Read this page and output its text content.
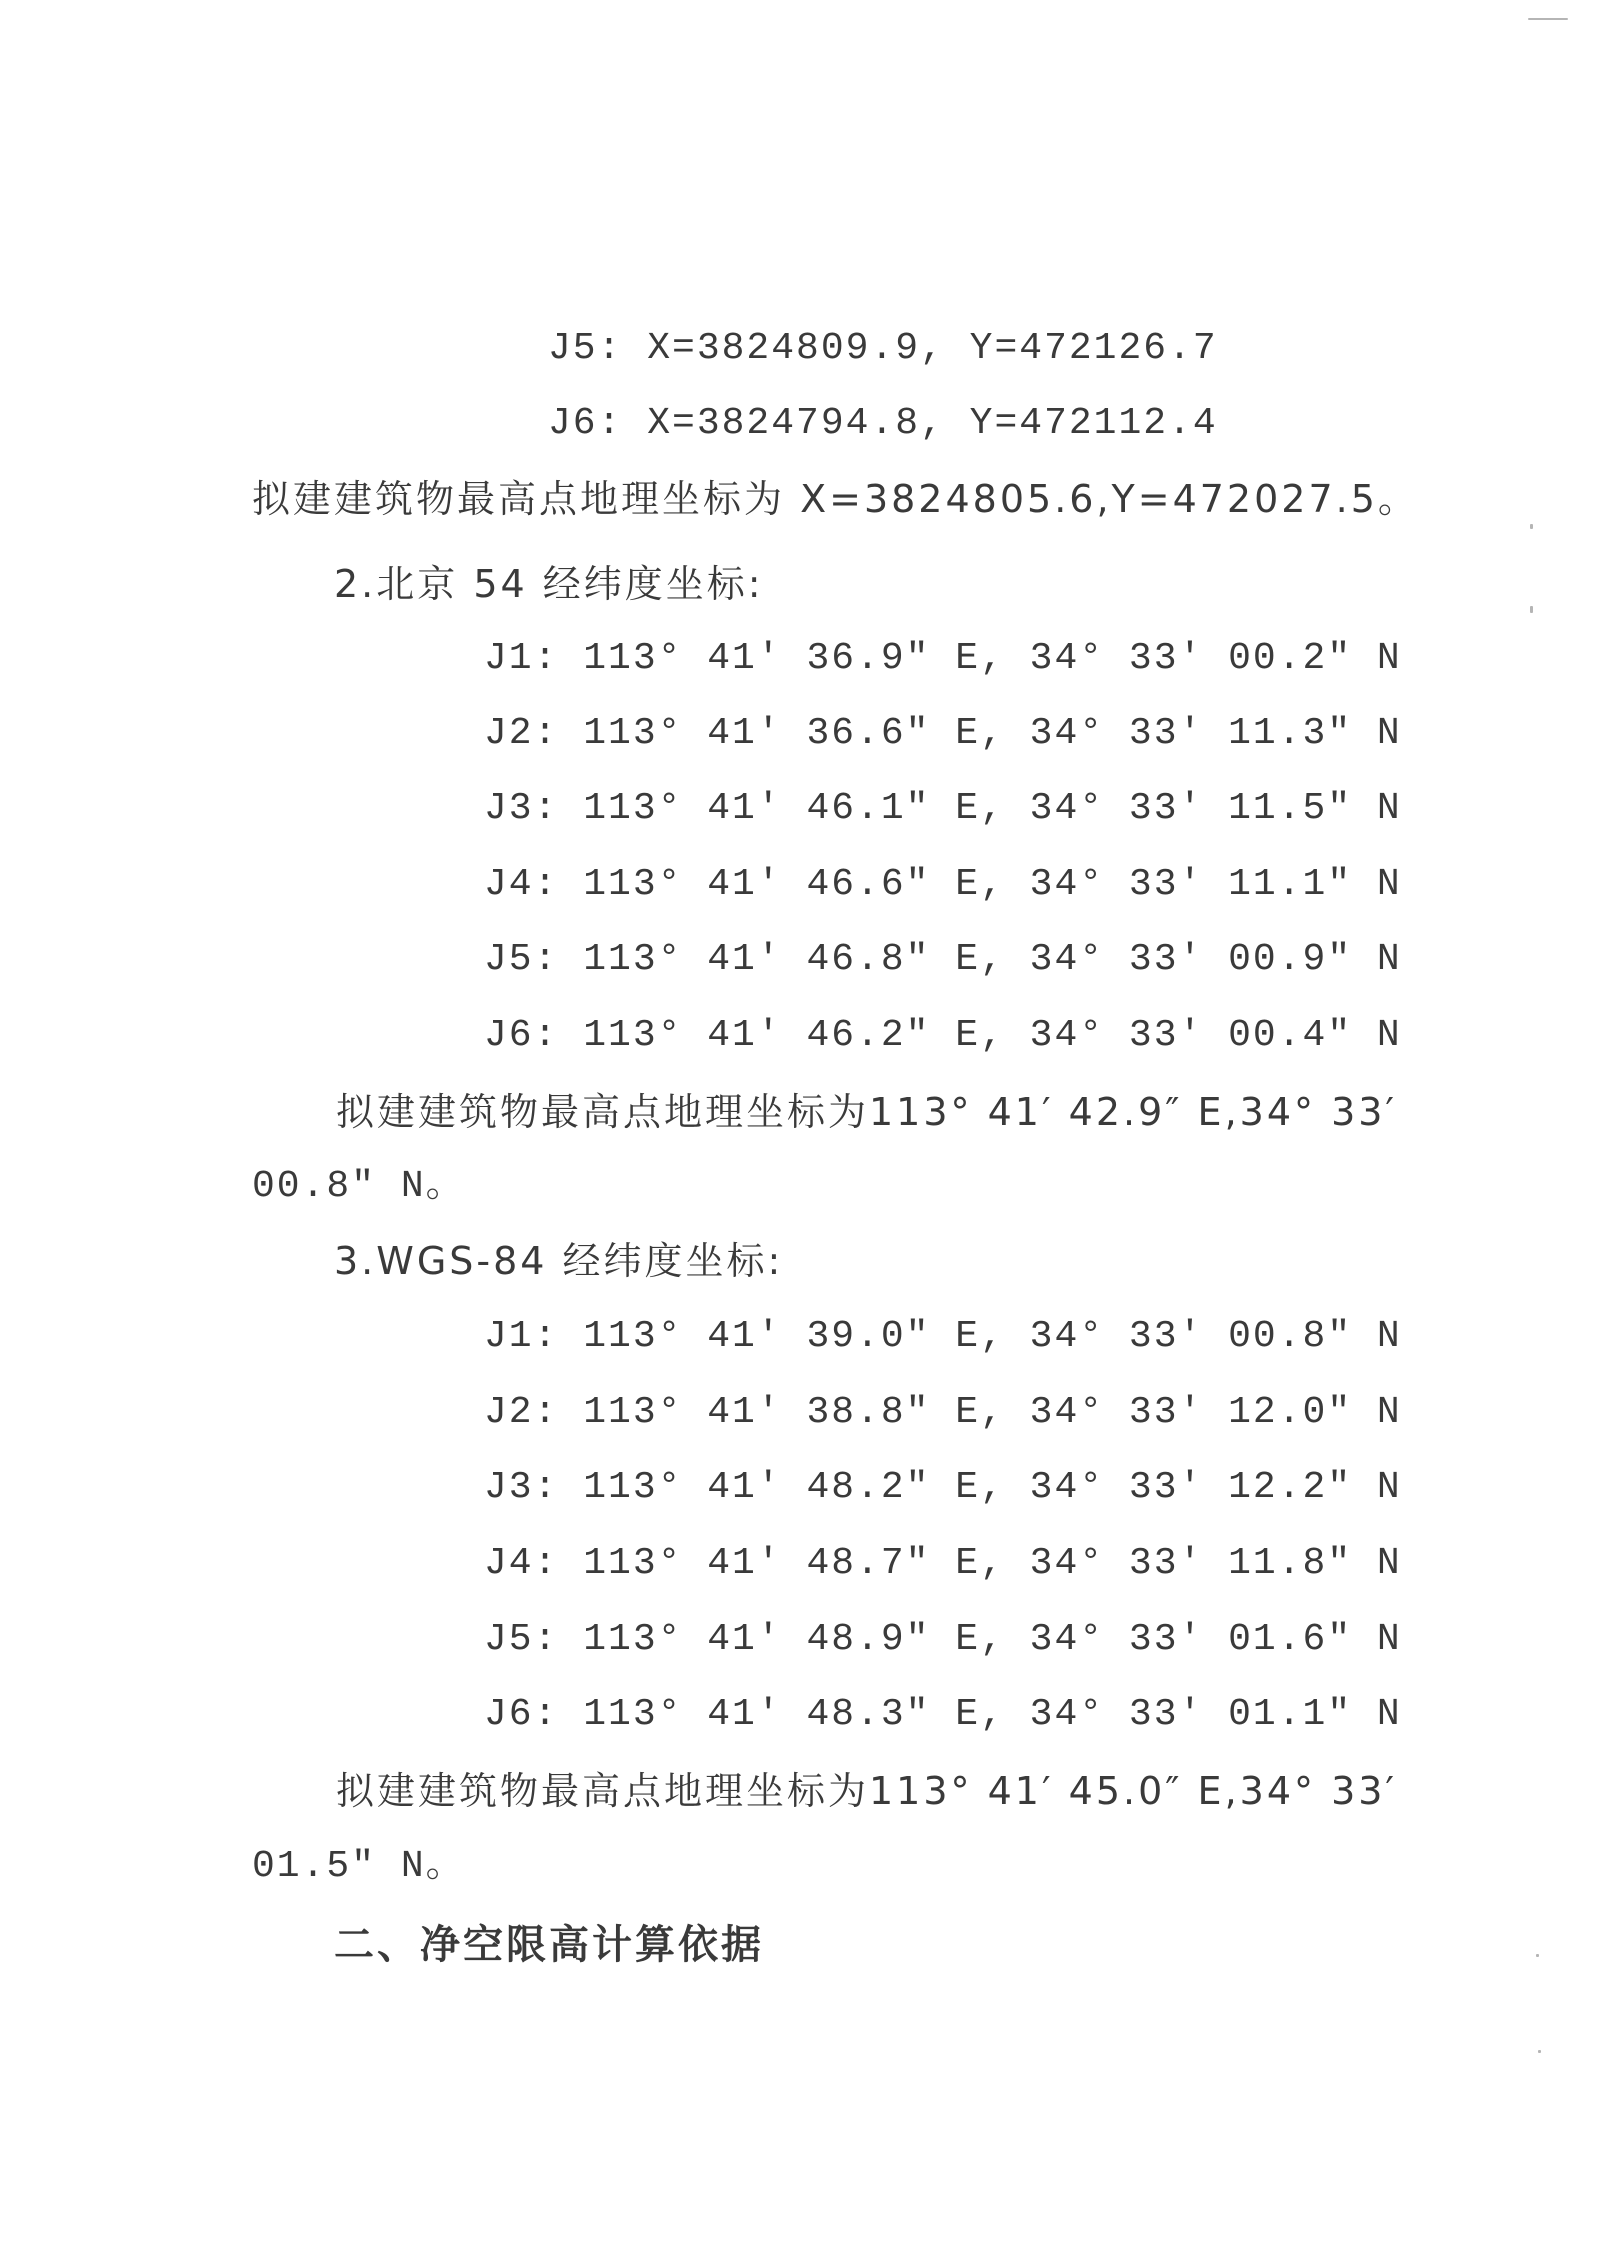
J5: X=3824809.9, Y=472126.7
J6: X=3824794.8, Y=472112.4
拟建建筑物最高点地理坐标为 X=3824805.6,Y=472027.5。
2.北京 54 经纬度坐标:
J1: 113° 41′ 36.9″ E, 34° 33′ 00.2″ N
J2: 113° 41′ 36.6″ E, 34° 33′ 11.3″ N
J3: 113° 41′ 46.1″ E, 34° 33′ 11.5″ N
J4: 113° 41′ 46.6″ E, 34° 33′ 11.1″ N
J5: 113° 41′ 46.8″ E, 34° 33′ 00.9″ N
J6: 113° 41′ 46.2″ E, 34° 33′ 00.4″ N
拟建建筑物最高点地理坐标为113° 41′ 42.9″ E,34° 33′
00.8″ N。
3.WGS-84 经纬度坐标:
J1: 113° 41′ 39.0″ E, 34° 33′ 00.8″ N
J2: 113° 41′ 38.8″ E, 34° 33′ 12.0″ N
J3: 113° 41′ 48.2″ E, 34° 33′ 12.2″ N
J4: 113° 41′ 48.7″ E, 34° 33′ 11.8″ N
J5: 113° 41′ 48.9″ E, 34° 33′ 01.6″ N
J6: 113° 41′ 48.3″ E, 34° 33′ 01.1″ N
拟建建筑物最高点地理坐标为113° 41′ 45.0″ E,34° 33′
01.5″ N。
二、净空限高计算依据
